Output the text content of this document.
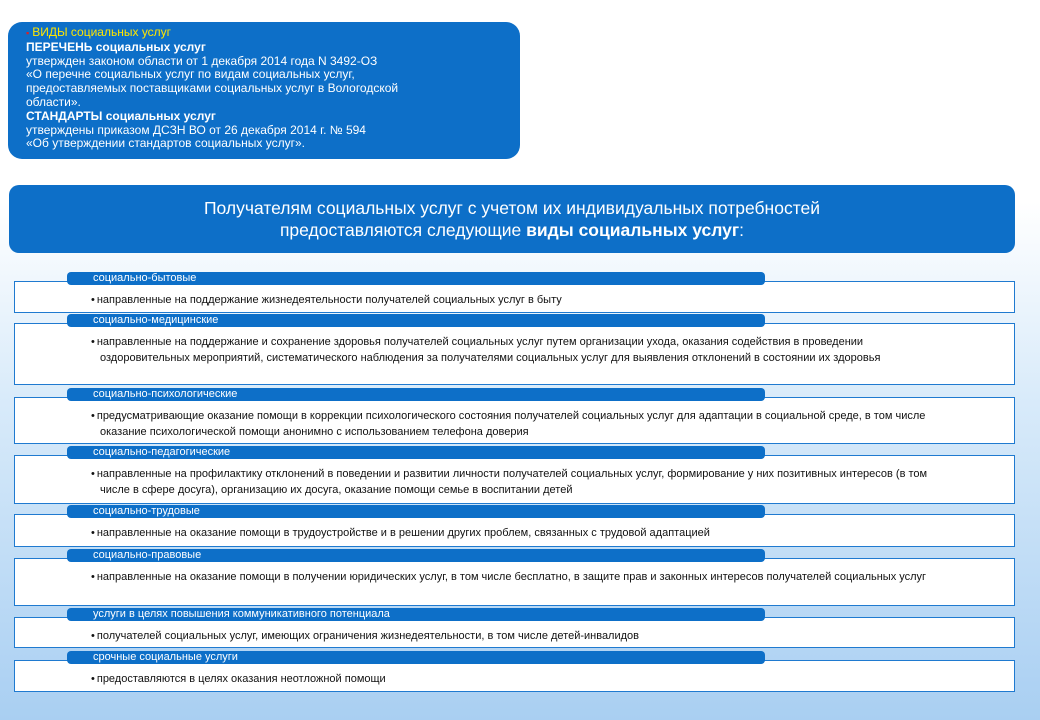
▪ ВИДЫ социальных услуг
ПЕРЕЧЕНЬ социальных услуг
утвержден законом области от 1 декабря 2014 года N 3492-ОЗ
«О перечне социальных услуг по видам социальных услуг,
предоставляемых поставщиками социальных услуг в Вологодской
области».
СТАНДАРТЫ социальных услуг
утверждены приказом ДСЗН ВО от 26 декабря 2014 г. № 594
«Об утверждении стандартов социальных услуг».
Получателям социальных услуг с учетом их индивидуальных потребностей
предоставляются следующие виды социальных услуг:
социально-бытовые
• направленные на поддержание жизнедеятельности получателей социальных услуг в быту
социально-медицинские
• направленные на поддержание и сохранение здоровья получателей социальных услуг путем организации ухода, оказания содействия в проведении оздоровительных мероприятий, систематического наблюдения за получателями социальных услуг для выявления отклонений в состоянии их здоровья
социально-психологические
• предусматривающие оказание помощи в коррекции психологического состояния получателей социальных услуг для адаптации в социальной среде, в том числе оказание психологической помощи анонимно с использованием телефона доверия
социально-педагогические
• направленные на профилактику отклонений в поведении и развитии личности получателей социальных услуг, формирование у них позитивных интересов (в том числе в сфере досуга), организацию их досуга, оказание помощи семье в воспитании детей
социально-трудовые
• направленные на оказание помощи в трудоустройстве и в решении других проблем, связанных с трудовой адаптацией
социально-правовые
• направленные на оказание помощи в получении юридических услуг, в том числе бесплатно, в защите прав и законных интересов получателей социальных услуг
услуги в целях повышения коммуникативного потенциала
• получателей социальных услуг, имеющих ограничения жизнедеятельности, в том числе детей-инвалидов
срочные социальные услуги
• предоставляются в целях оказания неотложной помощи
